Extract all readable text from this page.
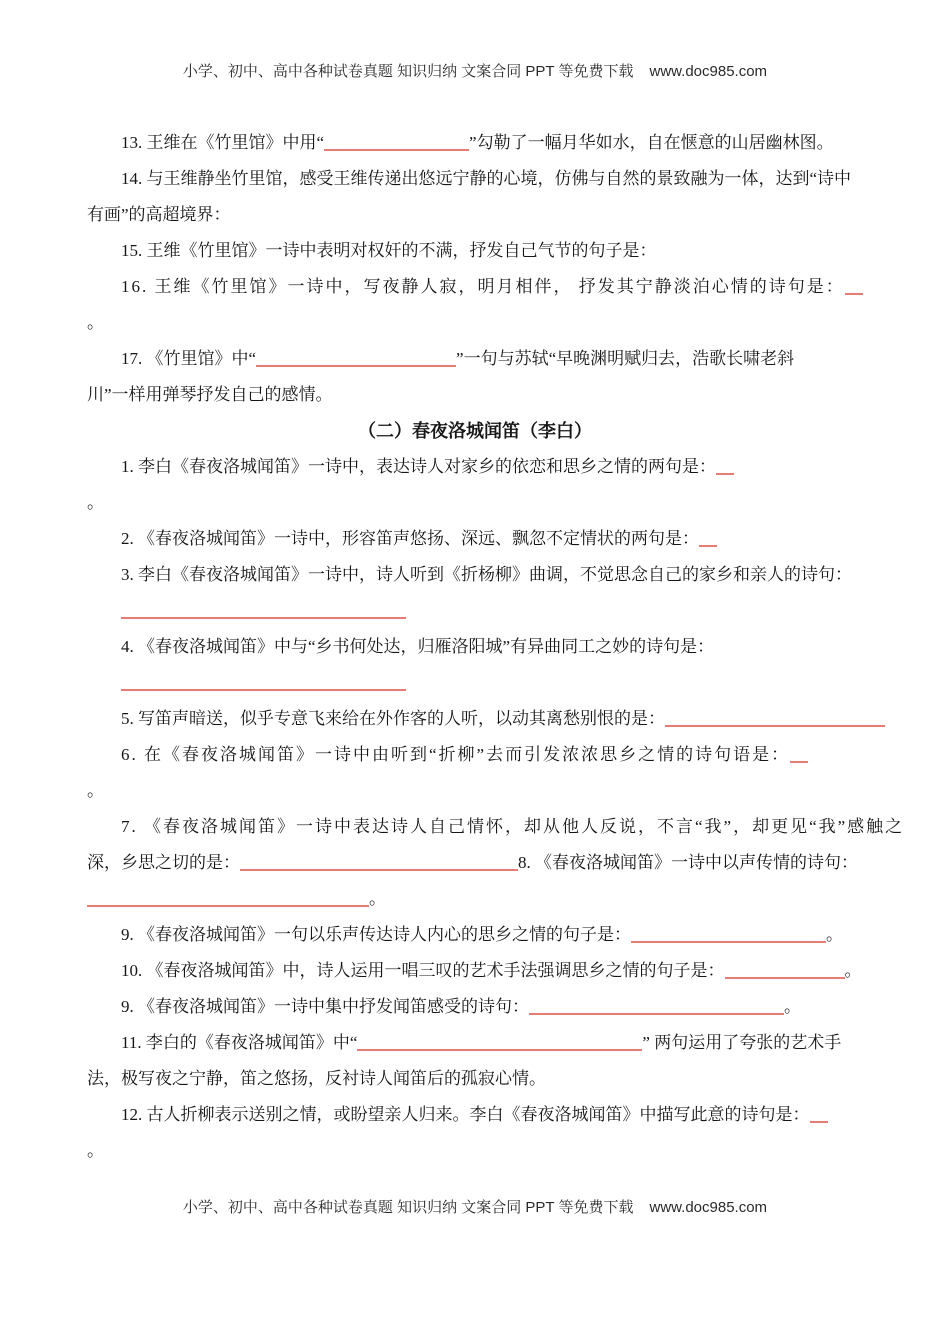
小学、初中、高中各种试卷真题 知识归纳 文案合同 PPT 等免费下载 www.doc985.com
13. 王维在《竹里馆》中用“	”勾勒了一幅月华如水，自在惬意的山居幽林图。
14. 与王维静坐竹里馆，感受王维传递出悠远宁静的心境，仿佛与自然的景致融为一体，达到“诗中
有画”的高超境界：
15. 王维《竹里馆》一诗中表明对权奸的不满，抒发自己气节的句子是：
16. 王维《竹里馆》一诗中，写夜静人寂，明月相伴， 抒发其宁静淡泊心情的诗句是：
。
17. 《竹里馆》中“	”一句与苏轼“早晚渊明赋归去，浩歌长啸老斜
川”一样用弹琴抒发自己的感情。
（二）春夜洛城闻笛（李白）
1. 李白《春夜洛城闻笛》一诗中，表达诗人对家乡的依恋和思乡之情的两句是：
。
2. 《春夜洛城闻笛》一诗中，形容笛声悠扬、深远、飘忽不定情状的两句是：
3. 李白《春夜洛城闻笛》一诗中，诗人听到《折杨柳》曲调，不觉思念自己的家乡和亲人的诗句：
4. 《春夜洛城闻笛》中与“乡书何处达，归雁洛阳城”有异曲同工之妙的诗句是：
5. 写笛声暗送，似乎专意飞来给在外作客的人听，以动其离愁别恨的是：
6. 在《春夜洛城闻笛》一诗中由听到“折柳”去而引发浓浓思乡之情的诗句语是：
。
7. 《春夜洛城闻笛》一诗中表达诗人自己情怀，却从他人反说，不言“我”，却更见“我”感触之
深，乡思之切的是：	8. 《春夜洛城闻笛》一诗中以声传情的诗句：
。
9. 《春夜洛城闻笛》一句以乐声传达诗人内心的思乡之情的句子是：	。
10. 《春夜洛城闻笛》中，诗人运用一唱三叹的艺术手法强调思乡之情的句子是：	。
9. 《春夜洛城闻笛》一诗中集中抒发闻笛感受的诗句：	。
11. 李白的《春夜洛城闻笛》中“	” 两句运用了夸张的艺术手
法，极写夜之宁静，笛之悠扬，反衬诗人闻笛后的孤寂心情。
12. 古人折柳表示送别之情，或盼望亲人归来。李白《春夜洛城闻笛》中描写此意的诗句是：
。
小学、初中、高中各种试卷真题 知识归纳 文案合同 PPT 等免费下载 www.doc985.com
